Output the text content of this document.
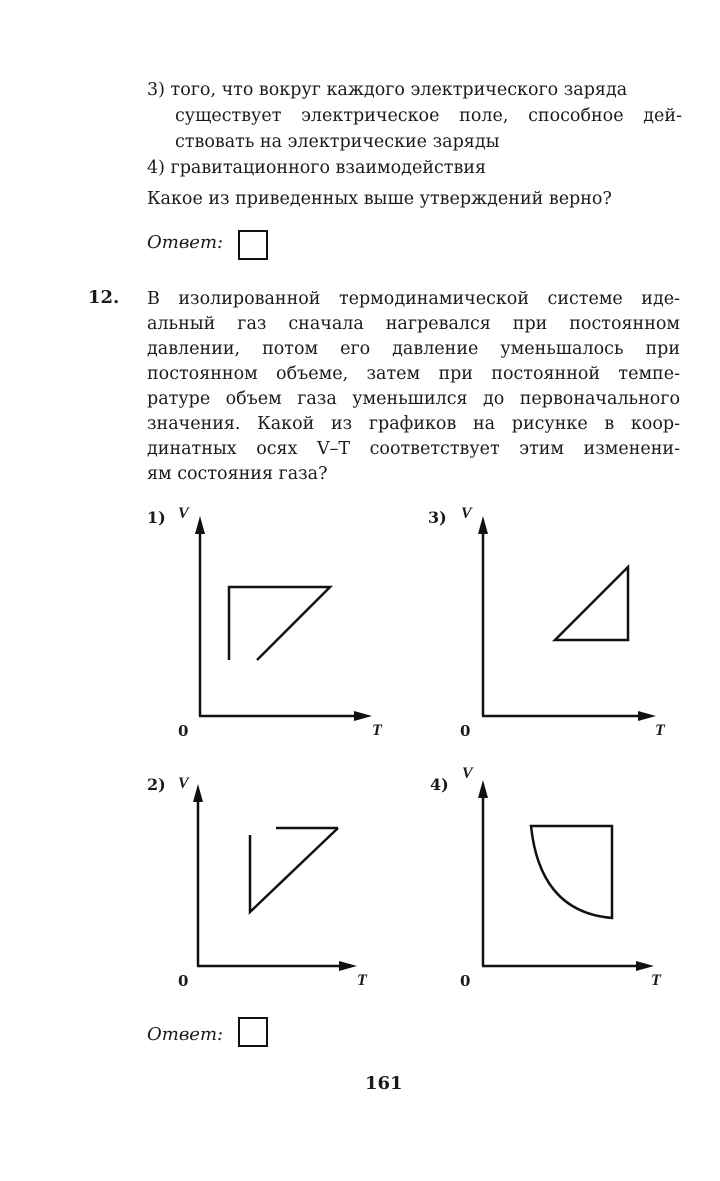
3) того, что вокруг каждого электрического заряда
существует электрическое поле, способное дей-
ствовать на электрические заряды
4) гравитационного взаимодействия
Какое из приведенных выше утверждений верно?
Ответ:
12. В изолированной термодинамической системе иде-
альный газ сначала нагревался при постоянном
давлении, потом его давление уменьшалось при
постоянном объеме, затем при постоянной темпе-
ратуре объем газа уменьшился до первоначального
значения. Какой из графиков на рисунке в коор-
динатных осях V–T соответствует этим изменени-
ям состояния газа?
1) V
0	T
3) V
0	T
2) V
0	T
4)
V
0	T
Ответ:
161
